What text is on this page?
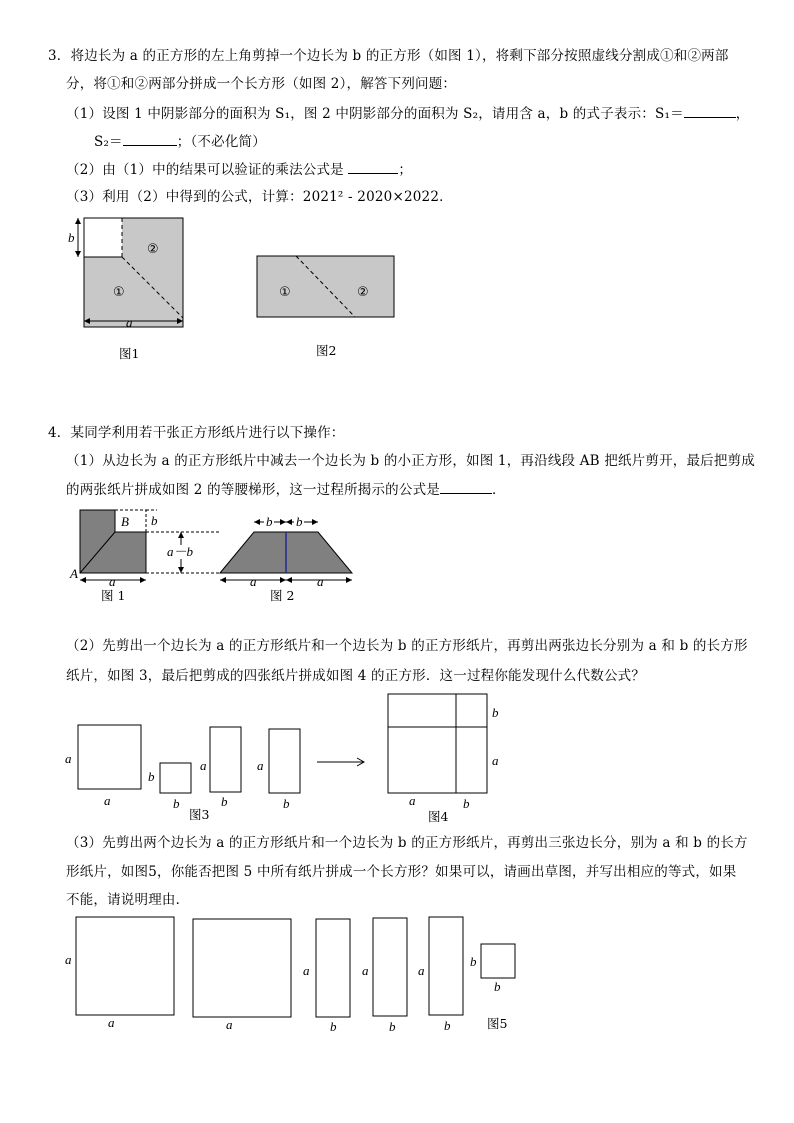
3．将边长为 a 的正方形的左上角剪掉一个边长为 b 的正方形（如图 1），将剩下部分按照虚线分割成①和②两部
分，将①和②两部分拼成一个长方形（如图 2），解答下列问题：
（1）设图 1 中阴影部分的面积为 S₁，图 2 中阴影部分的面积为 S₂，请用含 a，b 的式子表示：S₁＝	，
S₂＝	；（不必化简）
（2）由（1）中的结果可以验证的乘法公式是	；
（3）利用（2）中得到的公式，计算：2021² - 2020×2022．
b
a
①
②
图1
①	②
图2
4．某同学利用若干张正方形纸片进行以下操作：
（1）从边长为 a 的正方形纸片中减去一个边长为 b 的小正方形，如图 1，再沿线段 AB 把纸片剪开，最后把剪成
的两张纸片拼成如图 2 的等腰梯形，这一过程所揭示的公式是	．
（2）先剪出一个边长为 a 的正方形纸片和一个边长为 b 的正方形纸片，再剪出两张边长分别为 a 和 b 的长方形
纸片，如图 3，最后把剪成的四张纸片拼成如图 4 的正方形．这一过程你能发现什么代数公式？
（3）先剪出两个边长为 a 的正方形纸片和一个边长为 b 的正方形纸片，再剪出三张边长分，别为 a 和 b 的长方
形纸片，如图5，你能否把图 5 中所有纸片拼成一个长方形？如果可以，请画出草图，并写出相应的等式，如果
不能，请说明理由．
A
B b
a－b
a
图 1
b b
a	a
图 2
a
a
b
b
a
b
a
b
图3
b
a
a	b
图4
a
a	a
a
b
a
b
a
b
b
b
图5
